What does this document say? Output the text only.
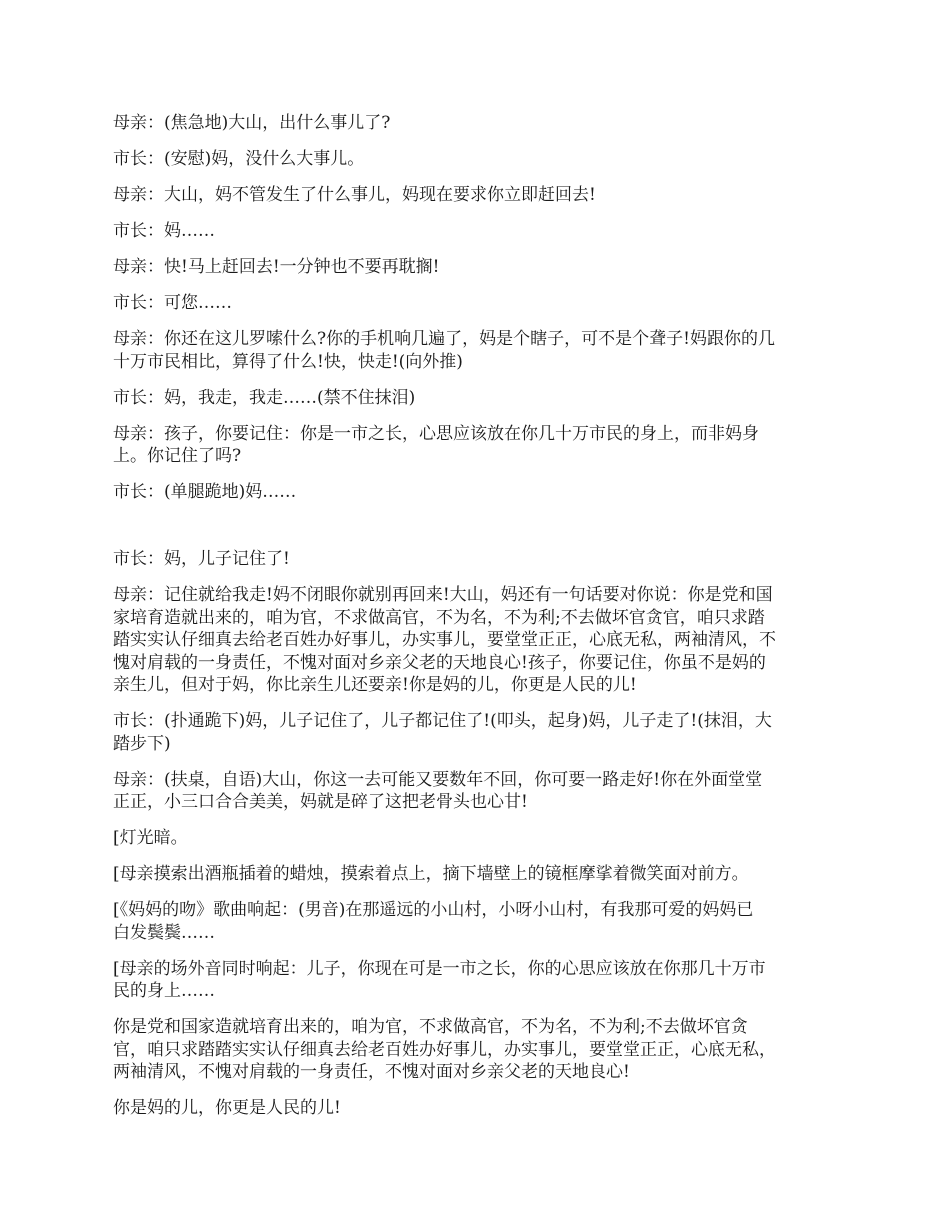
母亲：(焦急地)大山，出什么事儿了?

市长：(安慰)妈，没什么大事儿。

母亲：大山，妈不管发生了什么事儿，妈现在要求你立即赶回去!

市长：妈……

母亲：快!马上赶回去!一分钟也不要再耽搁!

市长：可您……

母亲：你还在这儿罗嗦什么?你的手机响几遍了，妈是个瞎子，可不是个聋子!妈跟你的几
十万市民相比，算得了什么!快，快走!(向外推)

市长：妈，我走，我走……(禁不住抹泪)

母亲：孩子，你要记住：你是一市之长，心思应该放在你几十万市民的身上，而非妈身
上。你记住了吗?

市长：(单腿跪地)妈……

市长：妈，儿子记住了!

母亲：记住就给我走!妈不闭眼你就别再回来!大山，妈还有一句话要对你说：你是党和国
家培育造就出来的，咱为官，不求做高官，不为名，不为利;不去做坏官贪官，咱只求踏
踏实实认仔细真去给老百姓办好事儿，办实事儿，要堂堂正正，心底无私，两袖清风，不
愧对肩载的一身责任，不愧对面对乡亲父老的天地良心!孩子，你要记住，你虽不是妈的
亲生儿，但对于妈，你比亲生儿还要亲!你是妈的儿，你更是人民的儿!

市长：(扑通跪下)妈，儿子记住了，儿子都记住了!(叩头，起身)妈，儿子走了!(抹泪，大
踏步下)

母亲：(扶桌，自语)大山，你这一去可能又要数年不回，你可要一路走好!你在外面堂堂
正正，小三口合合美美，妈就是碎了这把老骨头也心甘!

[灯光暗。

[母亲摸索出酒瓶插着的蜡烛，摸索着点上，摘下墙壁上的镜框摩挲着微笑面对前方。

[《妈妈的吻》歌曲响起：(男音)在那遥远的小山村，小呀小山村，有我那可爱的妈妈已
白发鬓鬓……

[母亲的场外音同时响起：儿子，你现在可是一市之长，你的心思应该放在你那几十万市
民的身上……

你是党和国家造就培育出来的，咱为官，不求做高官，不为名，不为利;不去做坏官贪
官，咱只求踏踏实实认仔细真去给老百姓办好事儿，办实事儿，要堂堂正正，心底无私，
两袖清风，不愧对肩载的一身责任，不愧对面对乡亲父老的天地良心!

你是妈的儿，你更是人民的儿!
